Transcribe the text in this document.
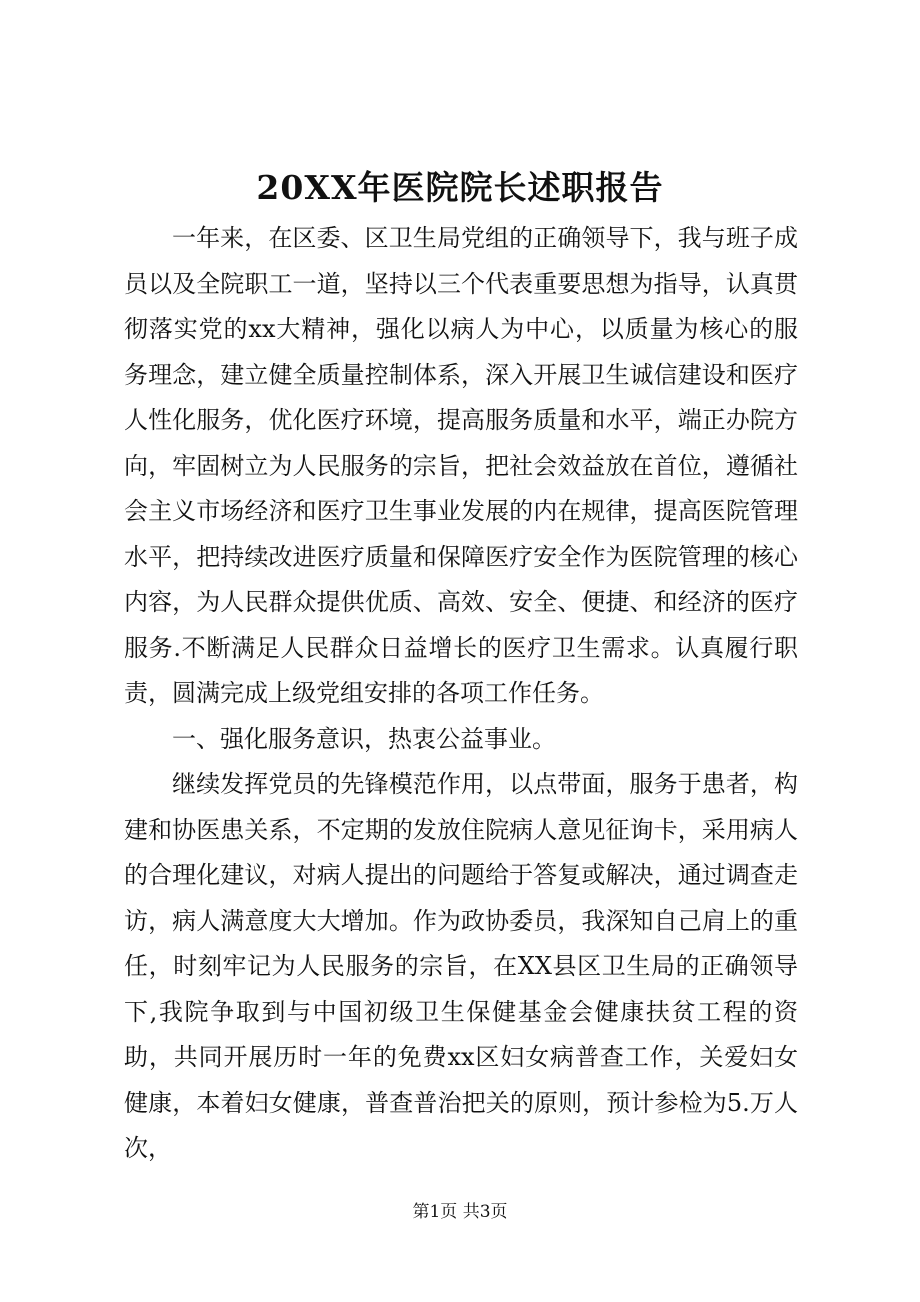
20XX年医院院长述职报告

一年来，在区委、区卫生局党组的正确领导下，我与班子成员以及全院职工一道，坚持以三个代表重要思想为指导，认真贯彻落实党的xx大精神，强化以病人为中心，以质量为核心的服务理念，建立健全质量控制体系，深入开展卫生诚信建设和医疗人性化服务，优化医疗环境，提高服务质量和水平，端正办院方向，牢固树立为人民服务的宗旨，把社会效益放在首位，遵循社会主义市场经济和医疗卫生事业发展的内在规律，提高医院管理水平，把持续改进医疗质量和保障医疗安全作为医院管理的核心内容，为人民群众提供优质、高效、安全、便捷、和经济的医疗服务.不断满足人民群众日益增长的医疗卫生需求。认真履行职责，圆满完成上级党组安排的各项工作任务。

一、强化服务意识，热衷公益事业。

继续发挥党员的先锋模范作用，以点带面，服务于患者，构建和协医患关系，不定期的发放住院病人意见征询卡，采用病人的合理化建议，对病人提出的问题给于答复或解决，通过调查走访，病人满意度大大增加。作为政协委员，我深知自己肩上的重任，时刻牢记为人民服务的宗旨，在XX县区卫生局的正确领导下,我院争取到与中国初级卫生保健基金会健康扶贫工程的资助，共同开展历时一年的免费xx区妇女病普查工作，关爱妇女健康，本着妇女健康，普查普治把关的原则，预计参检为5.万人次，

第1页 共3页
